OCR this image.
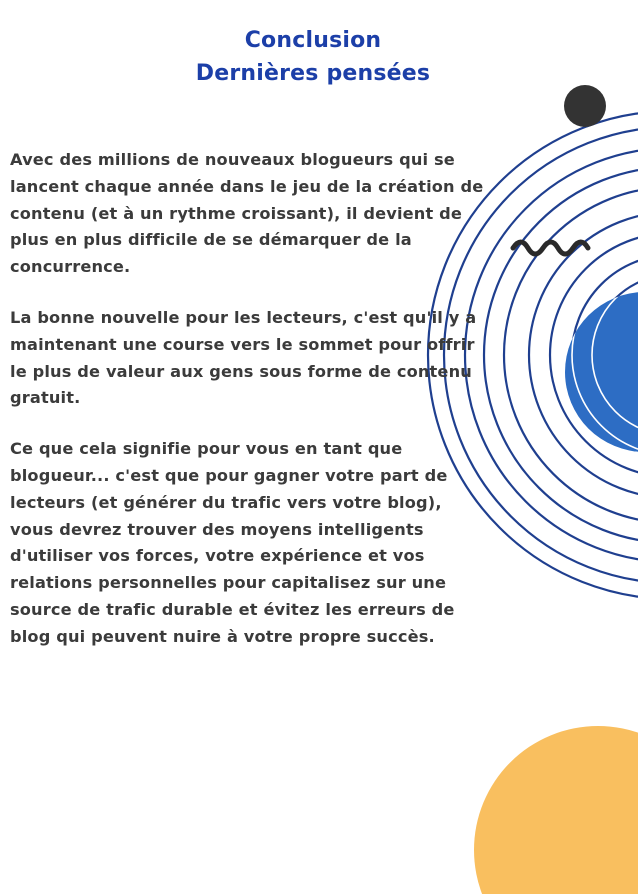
Conclusion
Dernières pensées

Avec des millions de nouveaux blogueurs qui se lancent chaque année dans le jeu de la création de contenu (et à un rythme croissant), il devient de plus en plus difficile de se démarquer de la concurrence.

La bonne nouvelle pour les lecteurs, c'est qu'il y a maintenant une course vers le sommet pour offrir le plus de valeur aux gens sous forme de contenu gratuit.

Ce que cela signifie pour vous en tant que blogueur... c'est que pour gagner votre part de lecteurs (et générer du trafic vers votre blog), vous devrez trouver des moyens intelligents d'utiliser vos forces, votre expérience et vos relations personnelles pour capitalisez sur une source de trafic durable et évitez les erreurs de blog qui peuvent nuire à votre propre succès.
